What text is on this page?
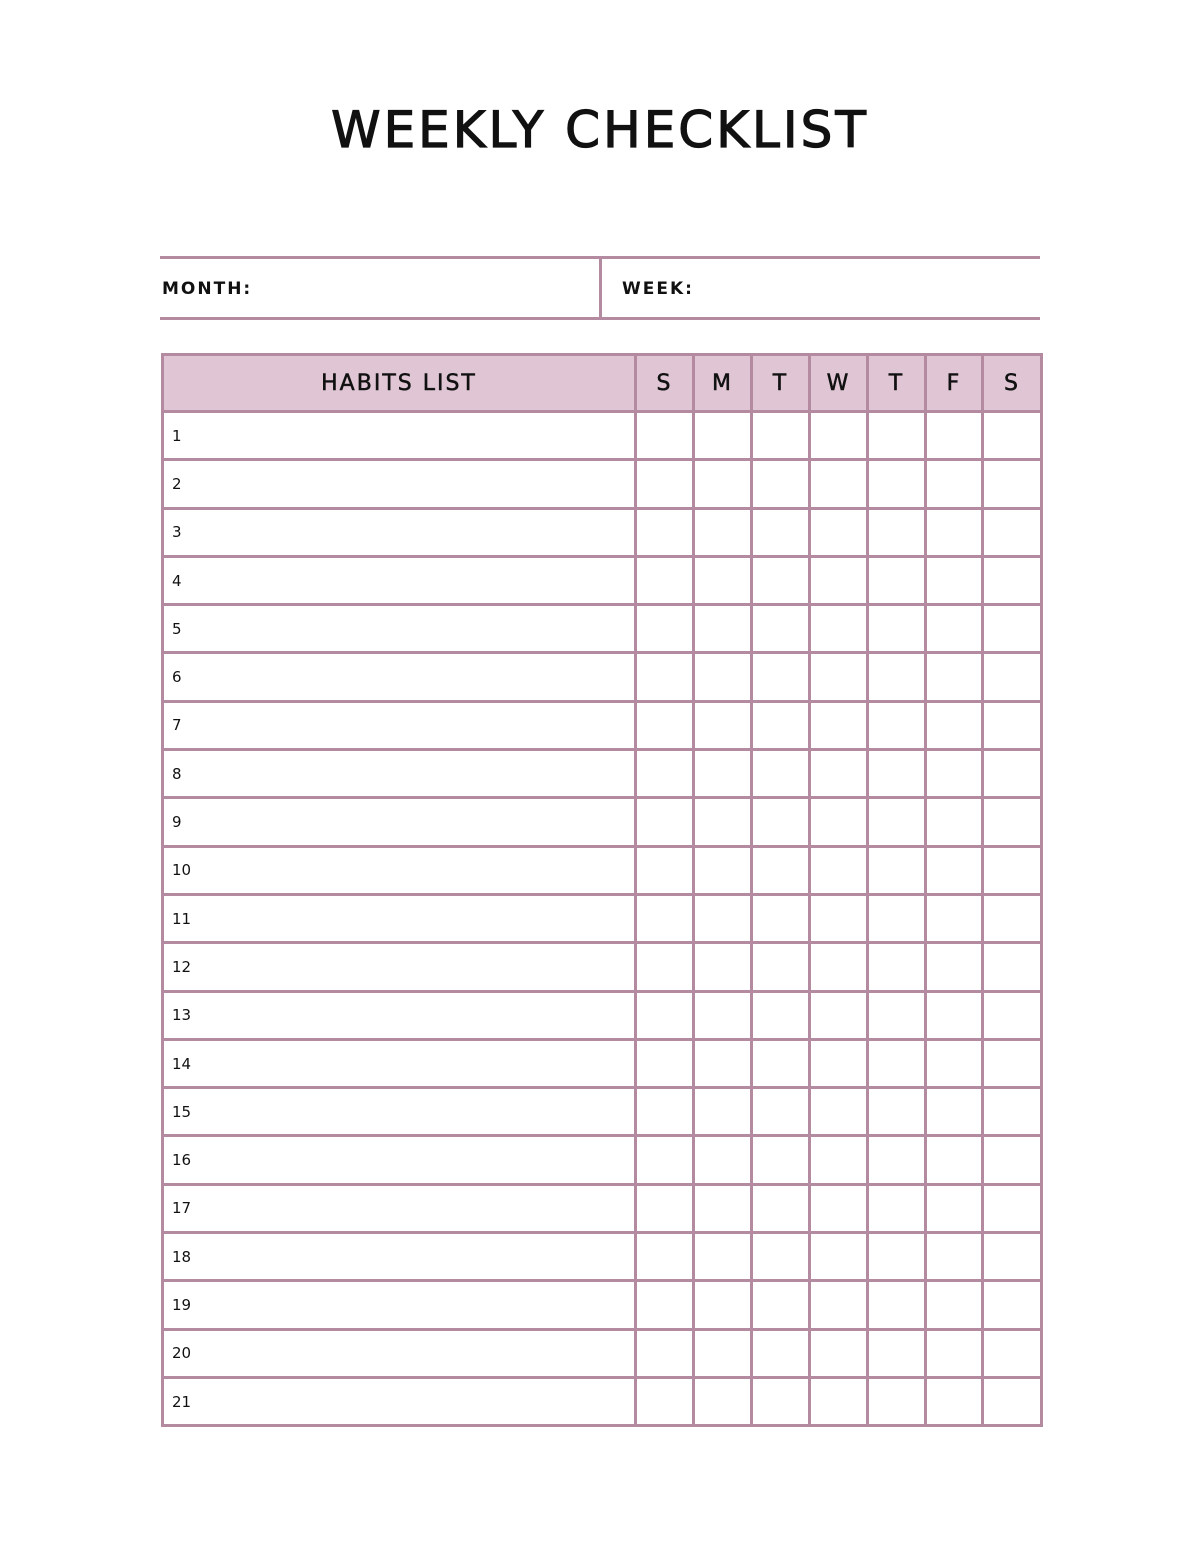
WEEKLY CHECKLIST
MONTH:	WEEK:
HABITS LIST	S	M	T	W	T	F	S
1							
2							
3							
4							
5							
6							
7							
8							
9							
10							
11							
12							
13							
14							
15							
16							
17							
18							
19							
20							
21							
